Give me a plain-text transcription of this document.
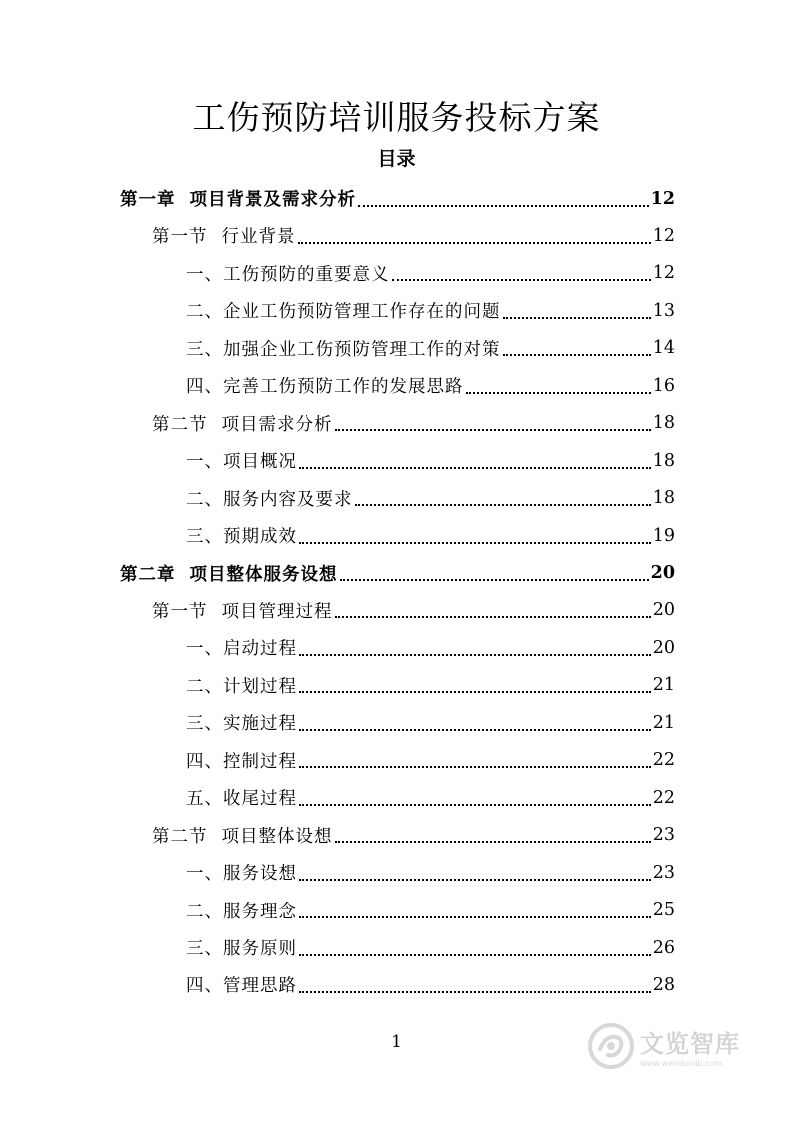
工伤预防培训服务投标方案
目录
第一章 项目背景及需求分析	12
第一节 行业背景	12
一、 工伤预防的重要意义	12
二、 企业工伤预防管理工作存在的问题	13
三、 加强企业工伤预防管理工作的对策	14
四、 完善工伤预防工作的发展思路	16
第二节 项目需求分析	18
一、 项目概况	18
二、 服务内容及要求	18
三、 预期成效	19
第二章 项目整体服务设想	20
第一节 项目管理过程	20
一、 启动过程	20
二、 计划过程	21
三、 实施过程	21
四、 控制过程	22
五、 收尾过程	22
第二节 项目整体设想	23
一、 服务设想	23
二、 服务理念	25
三、 服务原则	26
四、 管理思路	28
1	文览智库
www.wenduolib.com
